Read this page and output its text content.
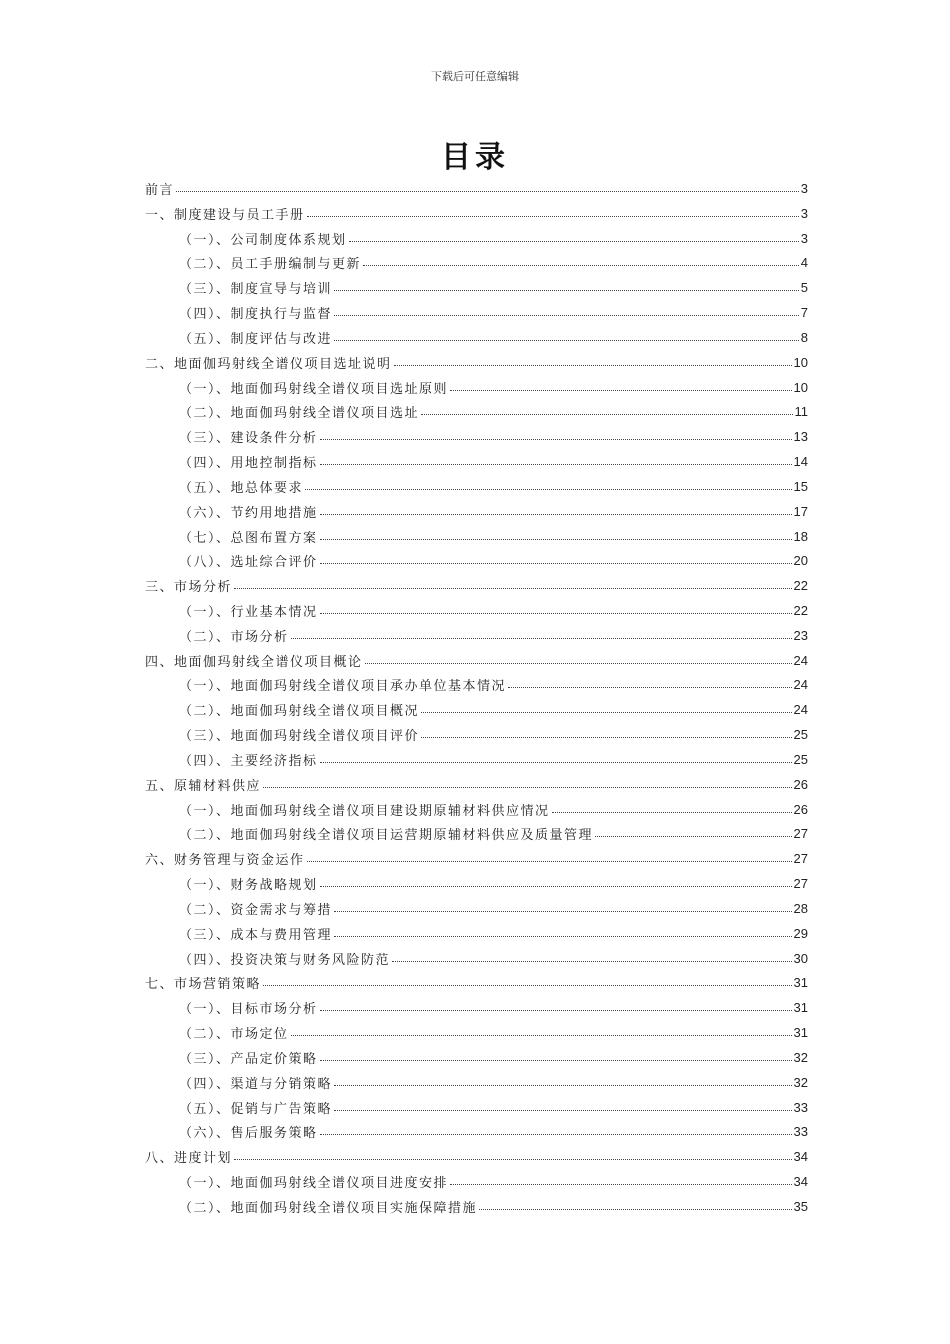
下载后可任意编辑
目录
前言	3
一、制度建设与员工手册	3
（一）、公司制度体系规划	3
（二）、员工手册编制与更新	4
（三）、制度宣导与培训	5
（四）、制度执行与监督	7
（五）、制度评估与改进	8
二、地面伽玛射线全谱仪项目选址说明	10
（一）、地面伽玛射线全谱仪项目选址原则	10
（二）、地面伽玛射线全谱仪项目选址	11
（三）、建设条件分析	13
（四）、用地控制指标	14
（五）、地总体要求	15
（六）、节约用地措施	17
（七）、总图布置方案	18
（八）、选址综合评价	20
三、市场分析	22
（一）、行业基本情况	22
（二）、市场分析	23
四、地面伽玛射线全谱仪项目概论	24
（一）、地面伽玛射线全谱仪项目承办单位基本情况	24
（二）、地面伽玛射线全谱仪项目概况	24
（三）、地面伽玛射线全谱仪项目评价	25
（四）、主要经济指标	25
五、原辅材料供应	26
（一）、地面伽玛射线全谱仪项目建设期原辅材料供应情况	26
（二）、地面伽玛射线全谱仪项目运营期原辅材料供应及质量管理	27
六、财务管理与资金运作	27
（一）、财务战略规划	27
（二）、资金需求与筹措	28
（三）、成本与费用管理	29
（四）、投资决策与财务风险防范	30
七、市场营销策略	31
（一）、目标市场分析	31
（二）、市场定位	31
（三）、产品定价策略	32
（四）、渠道与分销策略	32
（五）、促销与广告策略	33
（六）、售后服务策略	33
八、进度计划	34
（一）、地面伽玛射线全谱仪项目进度安排	34
（二）、地面伽玛射线全谱仪项目实施保障措施	35
